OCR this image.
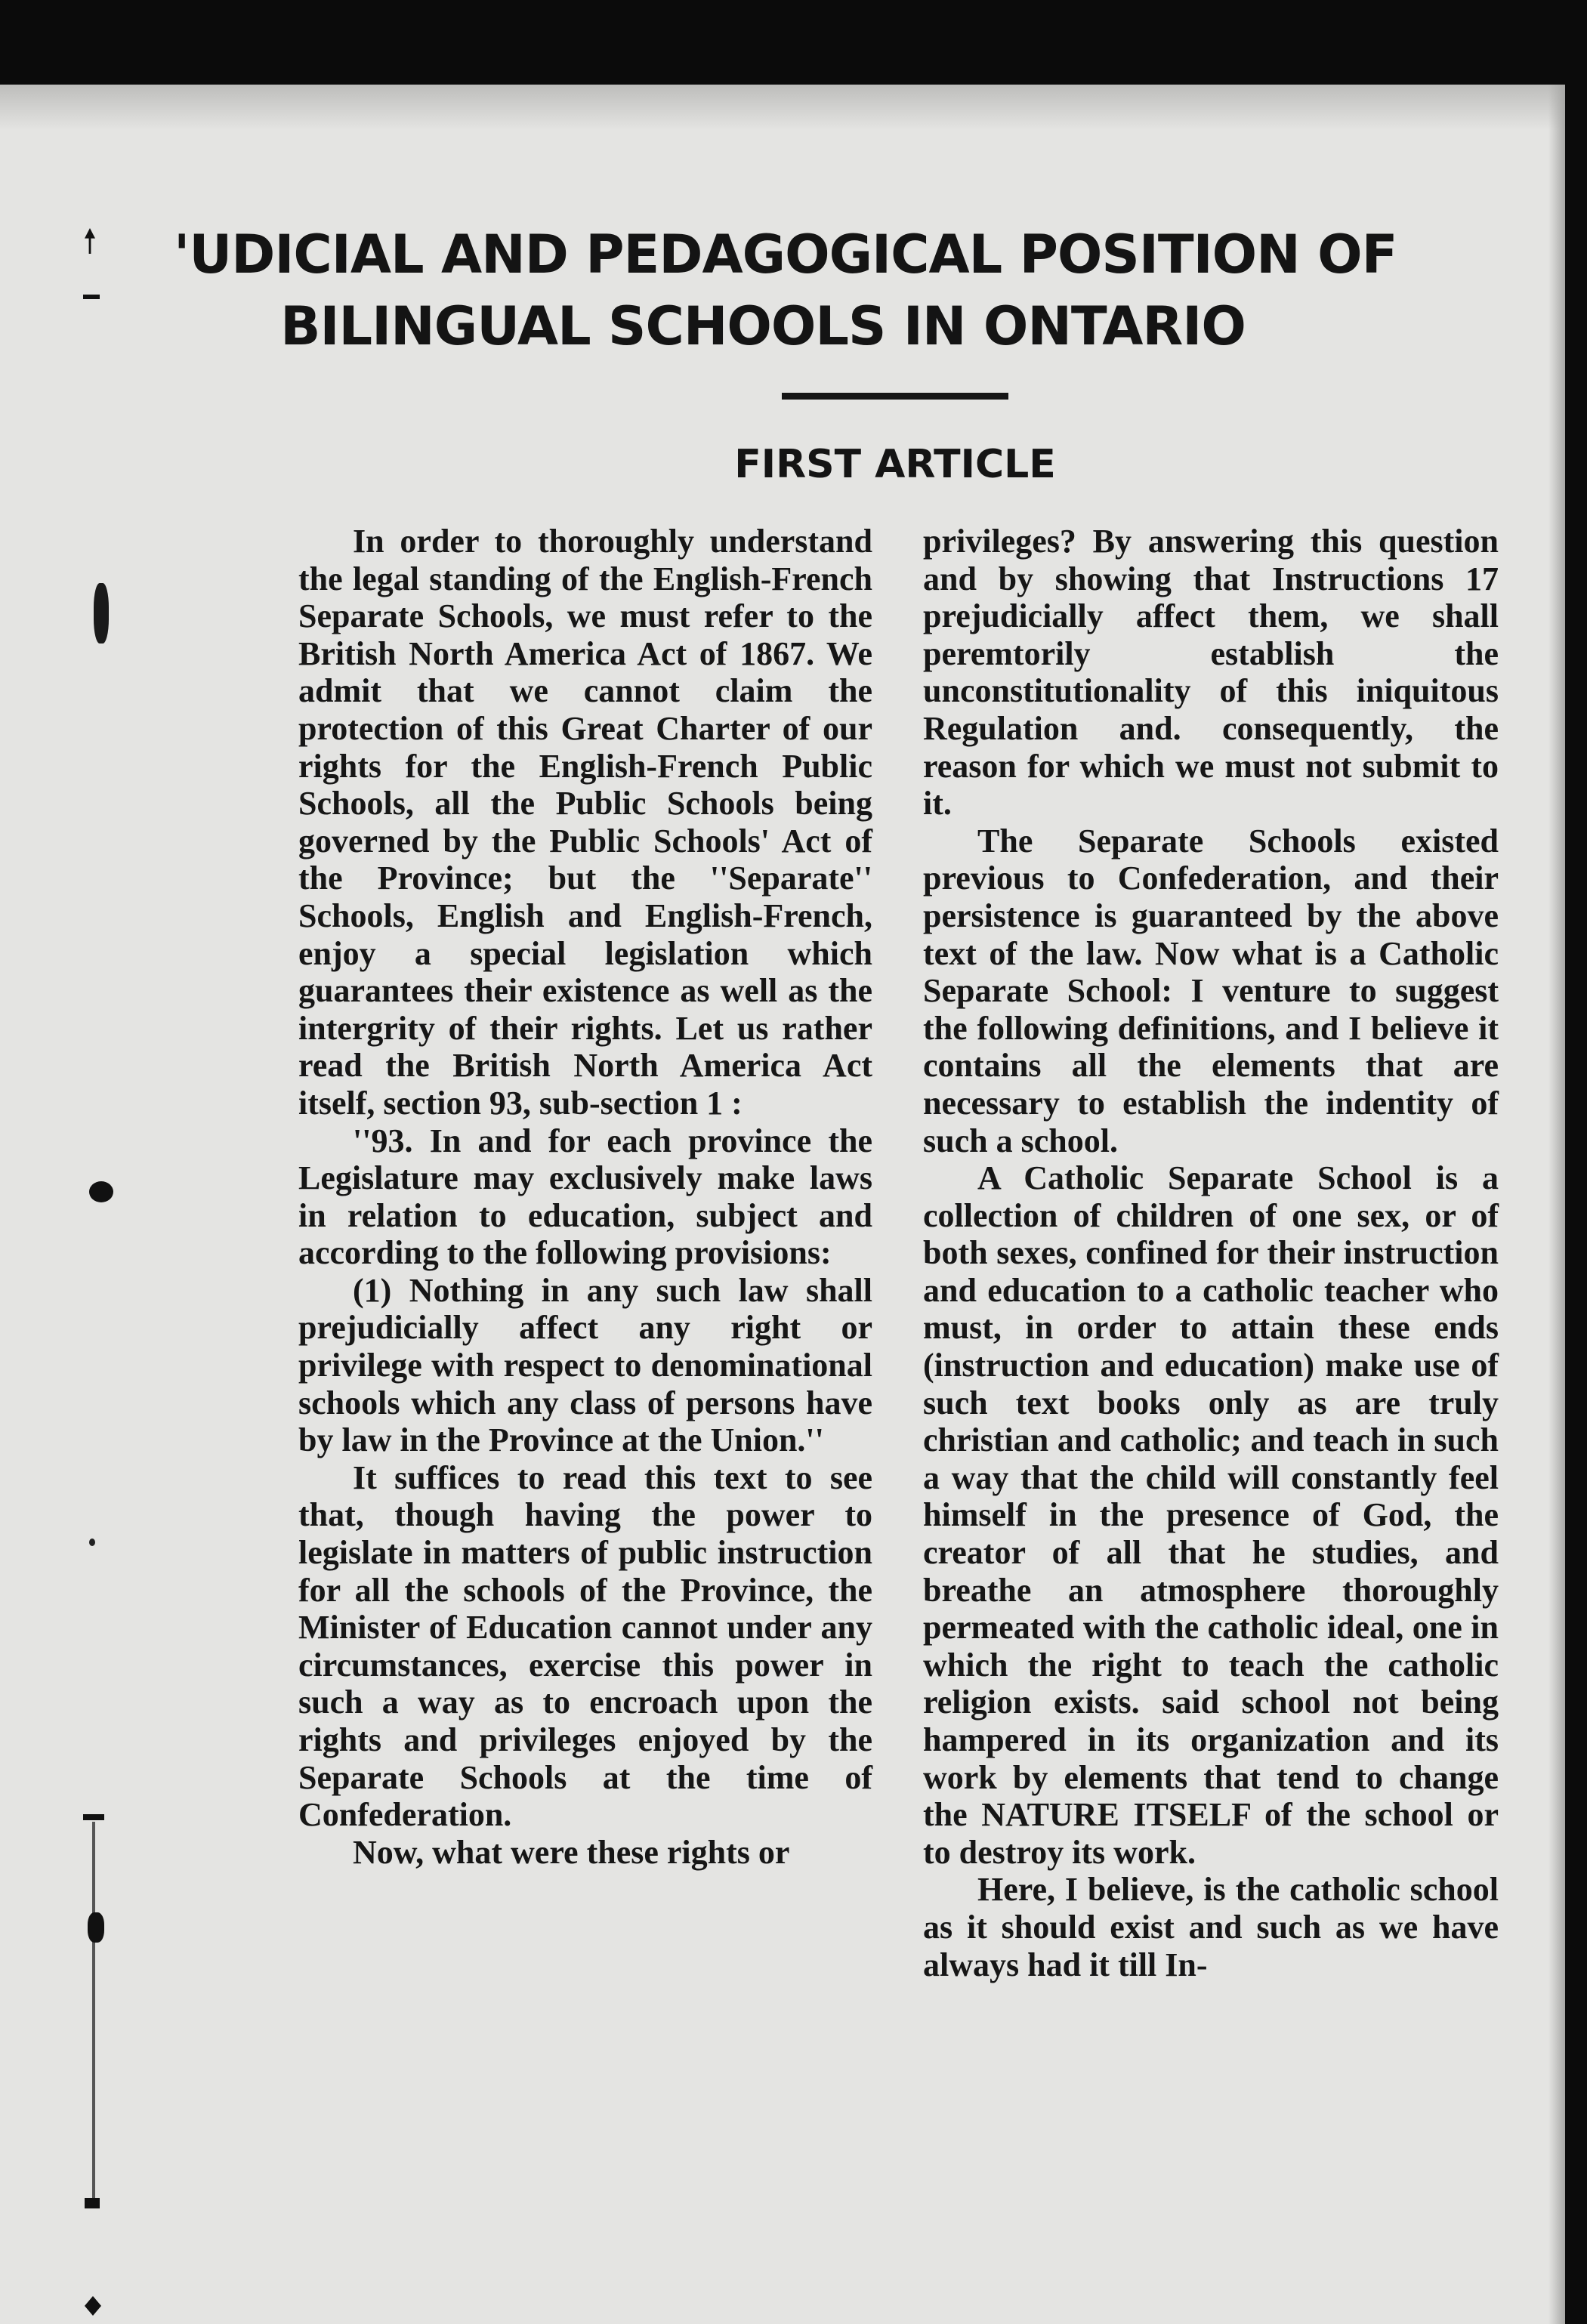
'UDICIAL AND PEDAGOGICAL POSITION OF
BILINGUAL SCHOOLS IN ONTARIO
FIRST ARTICLE

In order to thoroughly understand the legal standing of the English-French Separate Schools, we must refer to the British North America Act of 1867. We admit that we cannot claim the protection of this Great Charter of our rights for the English-French Public Schools, all the Public Schools being governed by the Public Schools' Act of the Province; but the ''Separate'' Schools, English and English-French, enjoy a special legislation which guarantees their existence as well as the intergrity of their rights. Let us rather read the British North America Act itself, section 93, sub-section 1 :

''93. In and for each province the Legislature may exclusively make laws in relation to education, subject and according to the following provisions:

(1) Nothing in any such law shall prejudicially affect any right or privilege with respect to denominational schools which any class of persons have by law in the Province at the Union.''

It suffices to read this text to see that, though having the power to legislate in matters of public instruction for all the schools of the Province, the Minister of Education cannot under any circumstances, exercise this power in such a way as to encroach upon the rights and privileges enjoyed by the Separate Schools at the time of Confederation.

Now, what were these rights or

privileges? By answering this question and by showing that Instructions 17 prejudicially affect them, we shall peremtorily establish the unconstitutionality of this iniquitous Regulation and. consequently, the reason for which we must not submit to it.

The Separate Schools existed previous to Confederation, and their persistence is guaranteed by the above text of the law. Now what is a Catholic Separate School: I venture to suggest the following definitions, and I believe it contains all the elements that are necessary to establish the indentity of such a school.

A Catholic Separate School is a collection of children of one sex, or of both sexes, confined for their instruction and education to a catholic teacher who must, in order to attain these ends (instruction and education) make use of such text books only as are truly christian and catholic; and teach in such a way that the child will constantly feel himself in the presence of God, the creator of all that he studies, and breathe an atmosphere thoroughly permeated with the catholic ideal, one in which the right to teach the catholic religion exists. said school not being hampered in its organization and its work by elements that tend to change the NATURE ITSELF of the school or to destroy its work.

Here, I believe, is the catholic school as it should exist and such as we have always had it till In-
